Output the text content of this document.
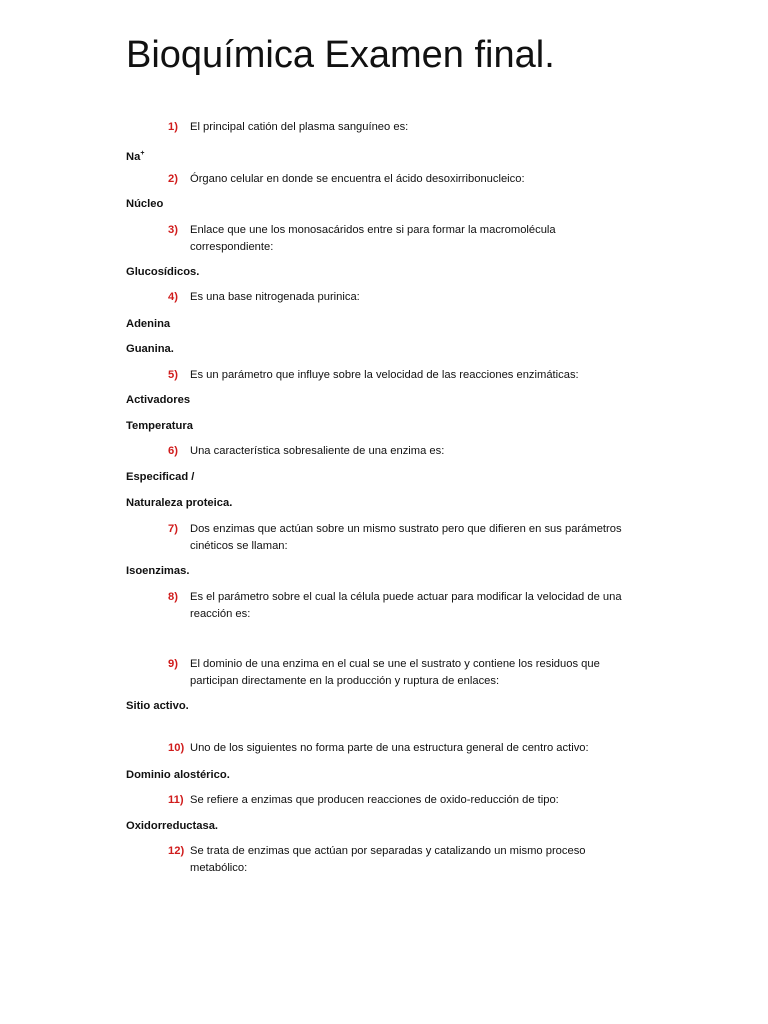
Bioquímica Examen final.
1)	El principal catión del plasma sanguíneo es:
Na+
2)	Órgano celular en donde se encuentra el ácido desoxirribonucleico:
Núcleo
3)	Enlace que une los monosacáridos entre si para formar la macromolécula correspondiente:
Glucosídicos.
4)	Es una base nitrogenada purinica:
Adenina
Guanina.
5)	Es un parámetro que influye sobre la velocidad de las reacciones enzimáticas:
Activadores
Temperatura
6)	Una característica sobresaliente de una enzima es:
Especificad /
Naturaleza proteica.
7)	Dos enzimas que actúan sobre un mismo sustrato pero que difieren en sus parámetros cinéticos se llaman:
Isoenzimas.
8)	Es el parámetro sobre el cual la célula puede actuar para modificar la velocidad de una reacción es:
9)	El dominio de una enzima en el cual se une el sustrato y contiene los residuos que participan directamente en la producción y ruptura de enlaces:
Sitio activo.
10) Uno de los siguientes no forma parte de una estructura general de centro activo:
Dominio alostérico.
11) Se refiere a enzimas que producen reacciones de oxido-reducción de tipo:
Oxidorreductasa.
12) Se trata de enzimas que actúan por separadas y catalizando un mismo proceso metabólico:
